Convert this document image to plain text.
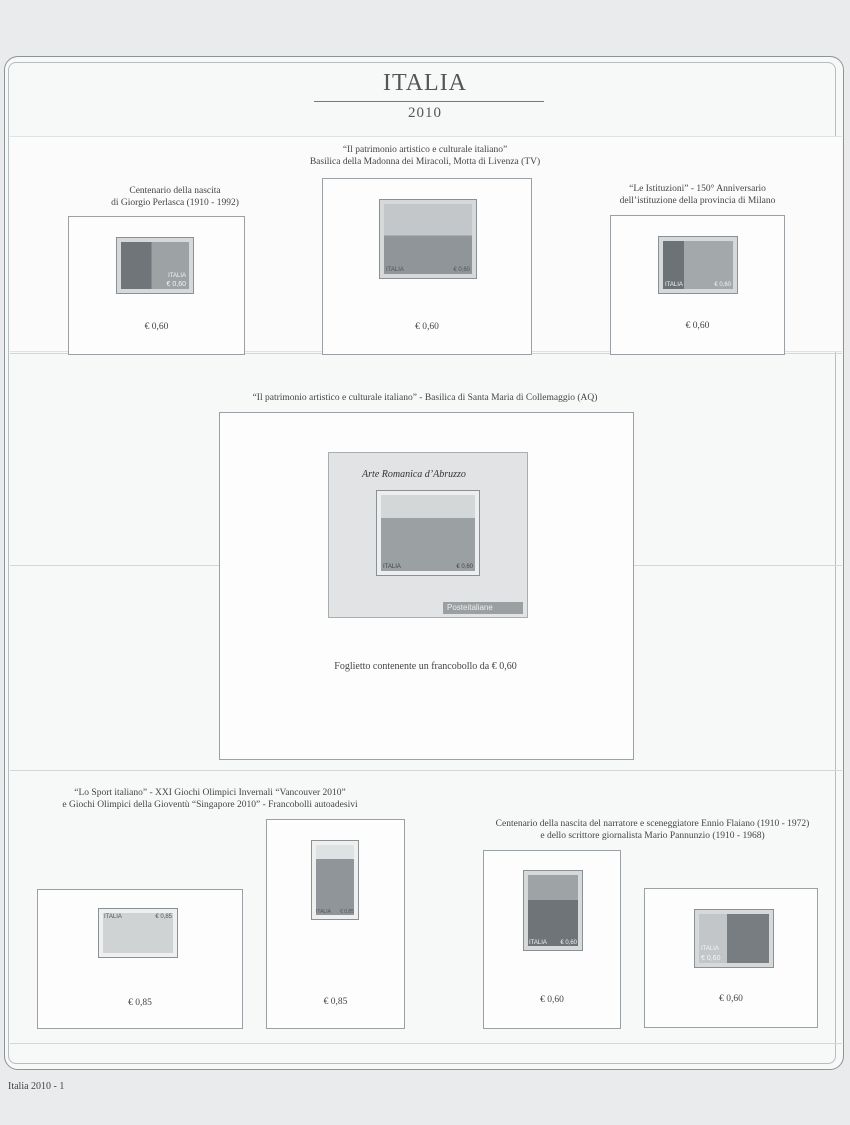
ITALIA
2010
Centenario della nascita
di Giorgio Perlasca (1910 - 1992)
ITALIA
€ 0,60
€ 0,60
“Il patrimonio artistico e culturale italiano”
Basilica della Madonna dei Miracoli, Motta di Livenza (TV)
ITALIA	€ 0,60
€ 0,60
“Le Istituzioni” - 150° Anniversario
dell’istituzione della provincia di Milano
ITALIA	€ 0,60
€ 0,60
“Il patrimonio artistico e culturale italiano” - Basilica di Santa Maria di Collemaggio (AQ)
Arte Romanica d’Abruzzo
ITALIA	€ 0,60
Posteitaliane
Foglietto contenente un francobollo da € 0,60
“Lo Sport italiano” - XXI Giochi Olimpici Invernali “Vancouver 2010”
e Giochi Olimpici della Gioventù “Singapore 2010” - Francobolli autoadesivi
Centenario della nascita del narratore e sceneggiatore Ennio Flaiano (1910 - 1972)
e dello scrittore giornalista Mario Pannunzio (1910 - 1968)
ITALIA	€ 0,85
€ 0,85
ITALIA € 0,85
€ 0,85
ITALIA € 0,60
€ 0,60
ITALIA
€ 0,60
€ 0,60
Italia 2010 - 1
